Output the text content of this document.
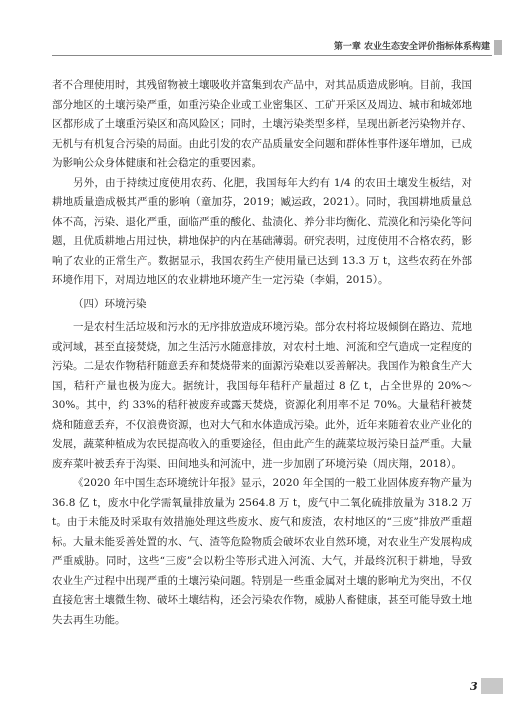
第一章 农业生态安全评价指标体系构建

者不合理使用时，其残留物被土壤吸收并富集到农产品中，对其品质造成影响。目前，我国部分地区的土壤污染严重，如重污染企业或工业密集区、工矿开采区及周边、城市和城郊地区都形成了土壤重污染区和高风险区；同时，土壤污染类型多样，呈现出新老污染物并存、无机与有机复合污染的局面。由此引发的农产品质量安全问题和群体性事件逐年增加，已成为影响公众身体健康和社会稳定的重要因素。

另外，由于持续过度使用农药、化肥，我国每年大约有 1/4 的农田土壤发生板结，对耕地质量造成极其严重的影响（童加芬，2019；臧运政，2021）。同时，我国耕地质量总体不高，污染、退化严重，面临严重的酸化、盐渍化、养分非均衡化、荒漠化和污染化等问题，且优质耕地占用过快，耕地保护的内在基础薄弱。研究表明，过度使用不合格农药，影响了农业的正常生产。数据显示，我国农药生产使用量已达到 13.3 万 t，这些农药在外部环境作用下，对周边地区的农业耕地环境产生一定污染（李娟，2015）。

（四）环境污染

一是农村生活垃圾和污水的无序排放造成环境污染。部分农村将垃圾倾倒在路边、荒地或河域，甚至直接焚烧，加之生活污水随意排放，对农村土地、河流和空气造成一定程度的污染。二是农作物秸秆随意丢弃和焚烧带来的面源污染难以妥善解决。我国作为粮食生产大国，秸秆产量也极为庞大。据统计，我国每年秸秆产量超过 8 亿 t，占全世界的 20%～30%。其中，约 33%的秸秆被废弃或露天焚烧，资源化利用率不足 70%。大量秸秆被焚烧和随意丢弃，不仅浪费资源，也对大气和水体造成污染。此外，近年来随着农业产业化的发展，蔬菜种植成为农民提高收入的重要途径，但由此产生的蔬菜垃圾污染日益严重。大量废弃菜叶被丢弃于沟渠、田间地头和河流中，进一步加剧了环境污染（周庆翔，2018）。

《2020 年中国生态环境统计年报》显示，2020 年全国的一般工业固体废弃物产量为 36.8 亿 t，废水中化学需氧量排放量为 2564.8 万 t，废气中二氧化硫排放量为 318.2 万 t。由于未能及时采取有效措施处理这些废水、废气和废渣，农村地区的“三废”排放严重超标。大量未能妥善处置的水、气、渣等危险物质会破坏农业自然环境，对农业生产发展构成严重威胁。同时，这些“三废”会以粉尘等形式进入河流、大气，并最终沉积于耕地，导致农业生产过程中出现严重的土壤污染问题。特别是一些重金属对土壤的影响尤为突出，不仅直接危害土壤微生物、破坏土壤结构，还会污染农作物，威胁人畜健康，甚至可能导致土地失去再生功能。

3
